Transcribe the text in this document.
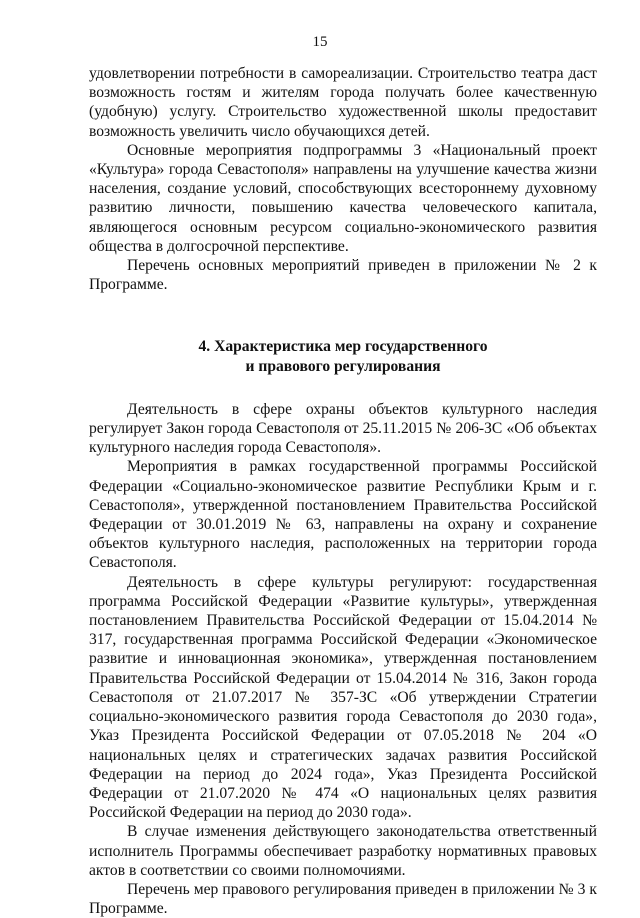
15

удовлетворении потребности в самореализации. Строительство театра даст возможность гостям и жителям города получать более качественную (удобную) услугу. Строительство художественной школы предоставит возможность увеличить число обучающихся детей.

Основные мероприятия подпрограммы 3 «Национальный проект «Культура» города Севастополя» направлены на улучшение качества жизни населения, создание условий, способствующих всестороннему духовному развитию личности, повышению качества человеческого капитала, являющегося основным ресурсом социально-экономического развития общества в долгосрочной перспективе.

Перечень основных мероприятий приведен в приложении № 2 к Программе.

4. Характеристика мер государственного
и правового регулирования

Деятельность в сфере охраны объектов культурного наследия регулирует Закон города Севастополя от 25.11.2015 № 206-ЗС «Об объектах культурного наследия города Севастополя».

Мероприятия в рамках государственной программы Российской Федерации «Социально-экономическое развитие Республики Крым и г. Севастополя», утвержденной постановлением Правительства Российской Федерации от 30.01.2019 № 63, направлены на охрану и сохранение объектов культурного наследия, расположенных на территории города Севастополя.

Деятельность в сфере культуры регулируют: государственная программа Российской Федерации «Развитие культуры», утвержденная постановлением Правительства Российской Федерации от 15.04.2014 № 317, государственная программа Российской Федерации «Экономическое развитие и инновационная экономика», утвержденная постановлением Правительства Российской Федерации от 15.04.2014 № 316, Закон города Севастополя от 21.07.2017 № 357-ЗС «Об утверждении Стратегии социально-экономического развития города Севастополя до 2030 года», Указ Президента Российской Федерации от 07.05.2018 № 204 «О национальных целях и стратегических задачах развития Российской Федерации на период до 2024 года», Указ Президента Российской Федерации от 21.07.2020 № 474 «О национальных целях развития Российской Федерации на период до 2030 года».

В случае изменения действующего законодательства ответственный исполнитель Программы обеспечивает разработку нормативных правовых актов в соответствии со своими полномочиями.

Перечень мер правового регулирования приведен в приложении № 3 к Программе.
